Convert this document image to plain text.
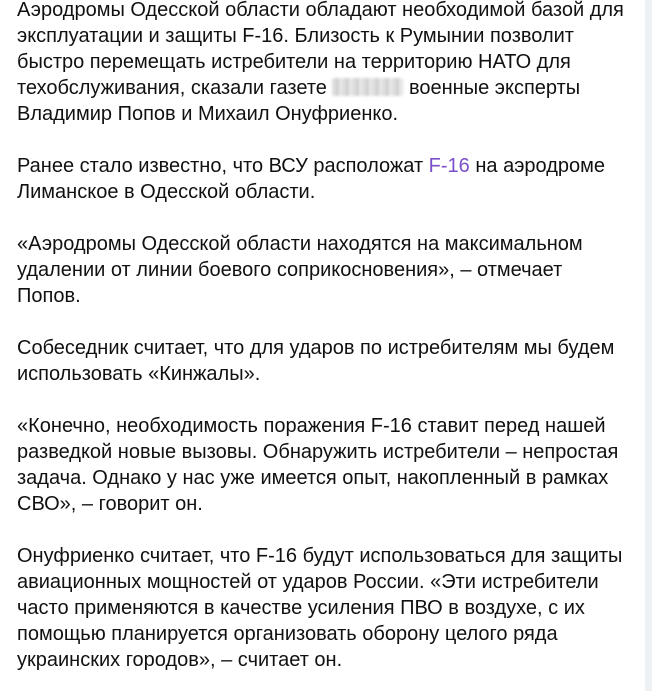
Аэродромы Одесской области обладают необходимой базой для
эксплуатации и защиты F-16. Близость к Румынии позволит
быстро перемещать истребители на территорию НАТО для
техобслуживания, сказали газете	военные эксперты
Владимир Попов и Михаил Онуфриенко.

Ранее стало известно, что ВСУ расположат F-16 на аэродроме
Лиманское в Одесской области.

«Аэродромы Одесской области находятся на максимальном
удалении от линии боевого соприкосновения», – отмечает
Попов.

Собеседник считает, что для ударов по истребителям мы будем
использовать «Кинжалы».

«Конечно, необходимость поражения F-16 ставит перед нашей
разведкой новые вызовы. Обнаружить истребители – непростая
задача. Однако у нас уже имеется опыт, накопленный в рамках
СВО», – говорит он.

Онуфриенко считает, что F-16 будут использоваться для защиты
авиационных мощностей от ударов России. «Эти истребители
часто применяются в качестве усиления ПВО в воздухе, с их
помощью планируется организовать оборону целого ряда
украинских городов», – считает он.
